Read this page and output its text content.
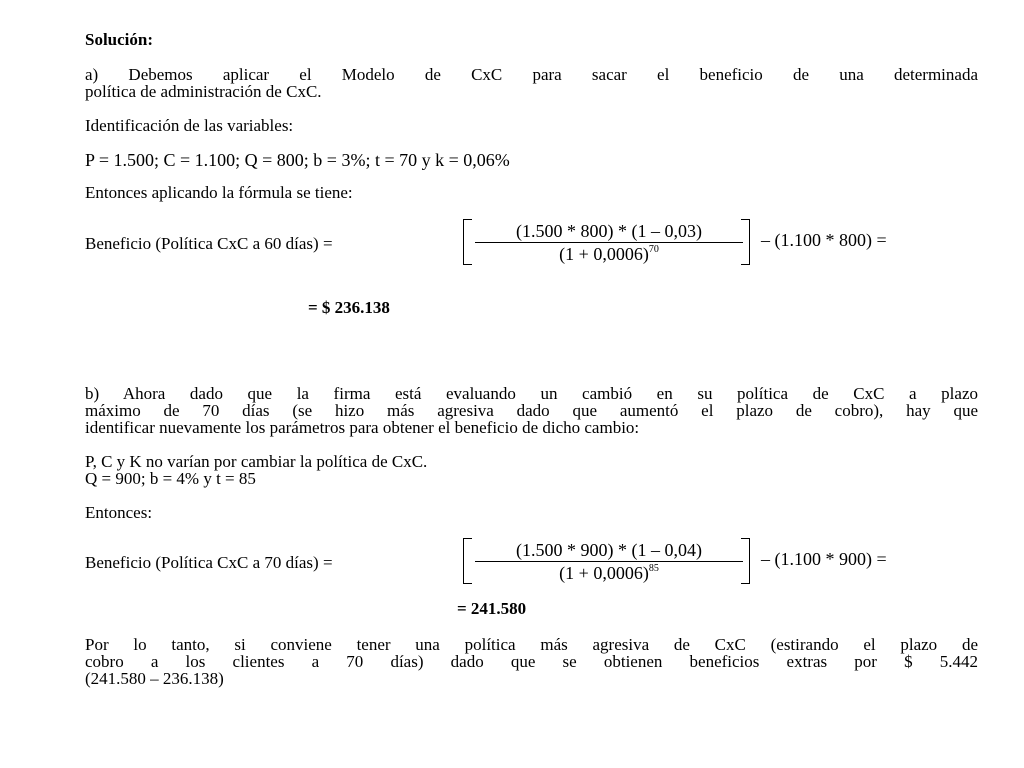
Solución:
a) Debemos aplicar el Modelo de CxC para sacar el beneficio de una determinada
política de administración de CxC.
Identificación de las variables:
P = 1.500; C = 1.100; Q = 800; b = 3%; t = 70 y k = 0,06%
Entonces aplicando la fórmula se tiene:
Beneficio (Política CxC a 60 días) =
(1.500 * 800) * (1 – 0,03)
$(1 + 0,0006)^{70}$	– (1.100 * 800) =
= $ 236.138
b) Ahora dado que la firma está evaluando un cambió en su política de CxC a plazo
máximo de 70 días (se hizo más agresiva dado que aumentó el plazo de cobro), hay que
identificar nuevamente los parámetros para obtener el beneficio de dicho cambio:
P, C y K no varían por cambiar la política de CxC.
Q = 900; b = 4% y t = 85
Entonces:
Beneficio (Política CxC a 70 días) =
(1.500 * 900) * (1 – 0,04)
$(1 + 0,0006)^{85}$	– (1.100 * 900) =
= 241.580
Por lo tanto, si conviene tener una política más agresiva de CxC (estirando el plazo de
cobro a los clientes a 70 días) dado que se obtienen beneficios extras por $ 5.442
(241.580 – 236.138)
